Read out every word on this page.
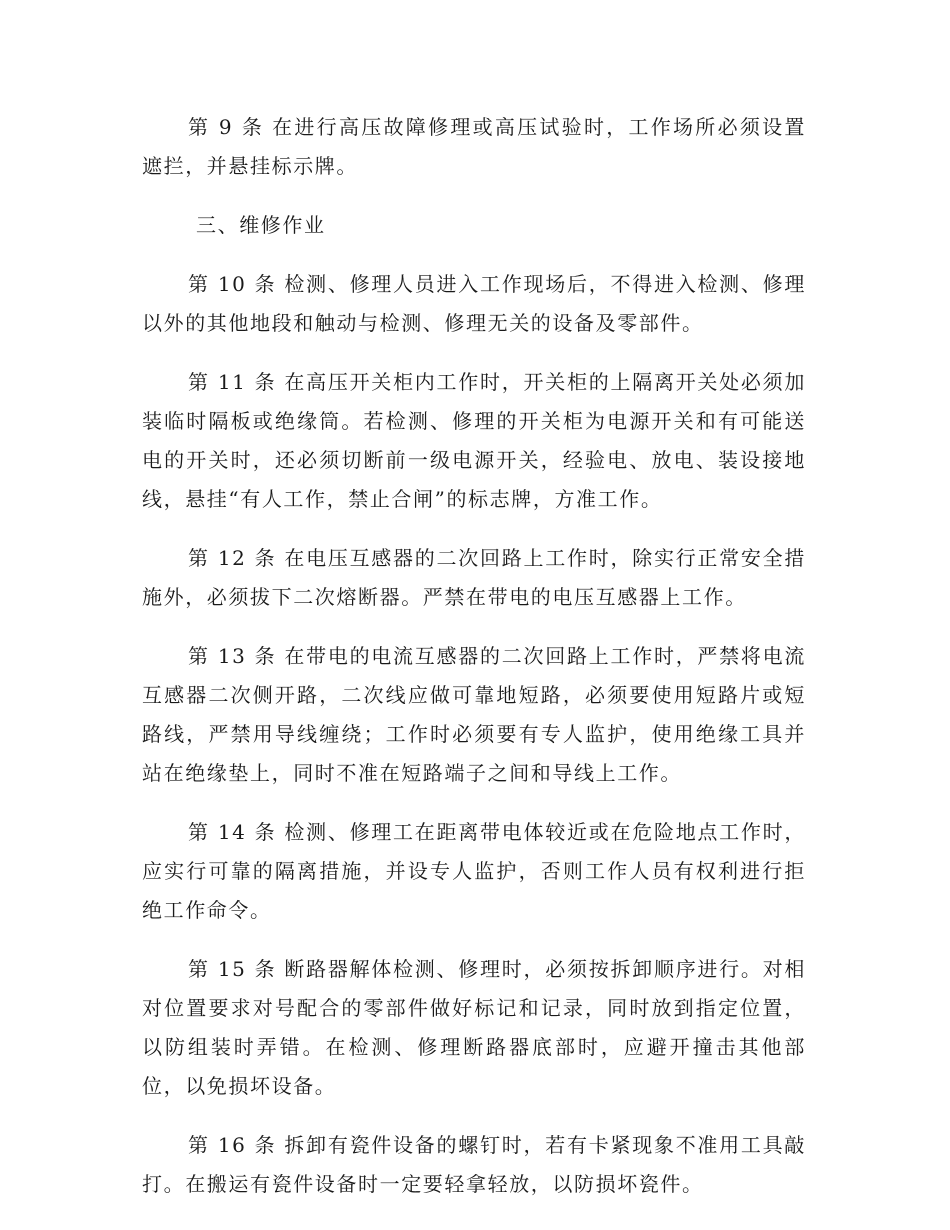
第 9 条 在进行高压故障修理或高压试验时，工作场所必须设置遮拦，并悬挂标示牌。

三、维修作业

第 10 条 检测、修理人员进入工作现场后，不得进入检测、修理以外的其他地段和触动与检测、修理无关的设备及零部件。

第 11 条 在高压开关柜内工作时，开关柜的上隔离开关处必须加装临时隔板或绝缘筒。若检测、修理的开关柜为电源开关和有可能送电的开关时，还必须切断前一级电源开关，经验电、放电、装设接地线，悬挂“有人工作，禁止合闸”的标志牌，方准工作。

第 12 条 在电压互感器的二次回路上工作时，除实行正常安全措施外，必须拔下二次熔断器。严禁在带电的电压互感器上工作。

第 13 条 在带电的电流互感器的二次回路上工作时，严禁将电流互感器二次侧开路，二次线应做可靠地短路，必须要使用短路片或短路线，严禁用导线缠绕；工作时必须要有专人监护，使用绝缘工具并站在绝缘垫上，同时不准在短路端子之间和导线上工作。

第 14 条 检测、修理工在距离带电体较近或在危险地点工作时，应实行可靠的隔离措施，并设专人监护，否则工作人员有权利进行拒绝工作命令。

第 15 条 断路器解体检测、修理时，必须按拆卸顺序进行。对相对位置要求对号配合的零部件做好标记和记录，同时放到指定位置，以防组装时弄错。在检测、修理断路器底部时，应避开撞击其他部位，以免损坏设备。

第 16 条 拆卸有瓷件设备的螺钉时，若有卡紧现象不准用工具敲打。在搬运有瓷件设备时一定要轻拿轻放，以防损坏瓷件。
